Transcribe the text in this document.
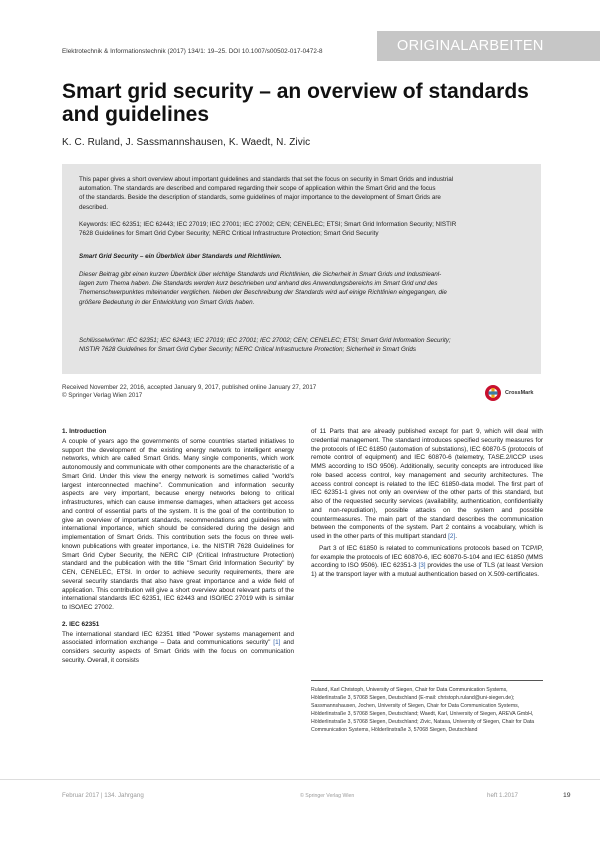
Elektrotechnik & Informationstechnik (2017) 134/1: 19–25. DOI 10.1007/s00502-017-0472-8	ORIGINALARBEITEN
Smart grid security – an overview of standards and guidelines
K. C. Ruland, J. Sassmannshausen, K. Waedt, N. Zivic
This paper gives a short overview about important guidelines and standards that set the focus on security in Smart Grids and industrial
automation. The standards are described and compared regarding their scope of application within the Smart Grid and the focus
of the standards. Beside the description of standards, some guidelines of major importance to the development of Smart Grids are
described.
Keywords: IEC 62351; IEC 62443; IEC 27019; IEC 27001; IEC 27002; CEN; CENELEC; ETSI; Smart Grid Information Security; NISTIR
7628 Guidelines for Smart Grid Cyber Security; NERC Critical Infrastructure Protection; Smart Grid Security
Smart Grid Security – ein Überblick über Standards und Richtlinien.
Dieser Beitrag gibt einen kurzen Überblick über wichtige Standards und Richtlinien, die Sicherheit in Smart Grids und Industrieanl-
lagen zum Thema haben. Die Standards werden kurz beschrieben und anhand des Anwendungsbereichs im Smart Grid und des
Themenschwerpunktes miteinander verglichen. Neben der Beschreibung der Standards wird auf einige Richtlinien eingegangen, die
größere Bedeutung in der Entwicklung von Smart Grids haben.
Schlüsselwörter: IEC 62351; IEC 62443; IEC 27019; IEC 27001; IEC 27002; CEN; CENELEC; ETSI; Smart Grid Information Security;
NISTIR 7628 Guidelines for Smart Grid Cyber Security; NERC Critical Infrastructure Protection; Sicherheit in Smart Grids
Received November 22, 2016, accepted January 9, 2017, published online January 27, 2017
© Springer Verlag Wien 2017	CrossMark
1. Introduction
A couple of years ago the governments of some countries started initiatives to support the development of the existing energy network to intelligent energy networks, which are called Smart Grids. Many single components, which work autonomously and communicate with other components are the characteristic of a Smart Grid. Under this view the energy network is sometimes called "world's largest interconnected machine". Communication and information security aspects are very important, because energy networks belong to critical infrastructures, which can cause immense damages, when attackers get access and control of essential parts of the system. It is the goal of the contribution to give an overview of important standards, recommendations and guidelines with international importance, which should be considered during the design and implementation of Smart Grids. This contribution sets the focus on three well-known publications with greater importance, i.e. the NISTIR 7628 Guidelines for Smart Grid Cyber Security, the NERC CIP (Critical Infrastructure Protection) standard and the publication with the title "Smart Grid Information Security" by CEN, CENELEC, ETSI. In order to achieve security requirements, there are several security standards that also have great importance and a wide field of application. This contribution will give a short overview about relevant parts of the international standards IEC 62351, IEC 62443 and ISO/IEC 27019 with is similar to ISO/IEC 27002.
2. IEC 62351
The international standard IEC 62351 titled "Power systems management and associated information exchange – Data and communications security" [1] and considers security aspects of Smart Grids with the focus on communication security. Overall, it consists
of 11 Parts that are already published except for part 9, which will deal with credential management. The standard introduces specified security measures for the protocols of IEC 61850 (automation of substations), IEC 60870-5 (protocols of remote control of equipment) and IEC 60870-6 (telemetry, TASE.2/ICCP uses MMS according to ISO 9506). Additionally, security concepts are introduced like role based access control, key management and security architectures. The access control concept is related to the IEC 61850-data model. The first part of IEC 62351-1 gives not only an overview of the other parts of this standard, but also of the requested security services (availability, authentication, confidentiality and non-repudiation), possible attacks on the system and possible countermeasures. The main part of the standard describes the communication between the components of the system. Part 2 contains a vocabulary, which is used in the other parts of this multipart standard [2].
Part 3 of IEC 61850 is related to communications protocols based on TCP/IP, for example the protocols of IEC 60870-6, IEC 60870-5-104 and IEC 61850 (MMS according to ISO 9506). IEC 62351-3 [3] provides the use of TLS (at least Version 1) at the transport layer with a mutual authentication based on X.509-certificates.
Ruland, Karl Christoph, University of Siegen, Chair for Data Communication Systems, Hölderlinstraße 3, 57068 Siegen, Deutschland (E-mail: christoph.ruland@uni-siegen.de); Sassmannshausen, Jochen, University of Siegen, Chair for Data Communication Systems, Hölderlinstraße 3, 57068 Siegen, Deutschland; Waedt, Karl, University of Siegen, AREVA GmbH, Hölderlinstraße 3, 57068 Siegen, Deutschland; Zivic, Natasa, University of Siegen, Chair for Data Communication Systems, Hölderlinstraße 3, 57068 Siegen, Deutschland
Februar 2017 | 134. Jahrgang	© Springer Verlag Wien	heft 1.2017	19
